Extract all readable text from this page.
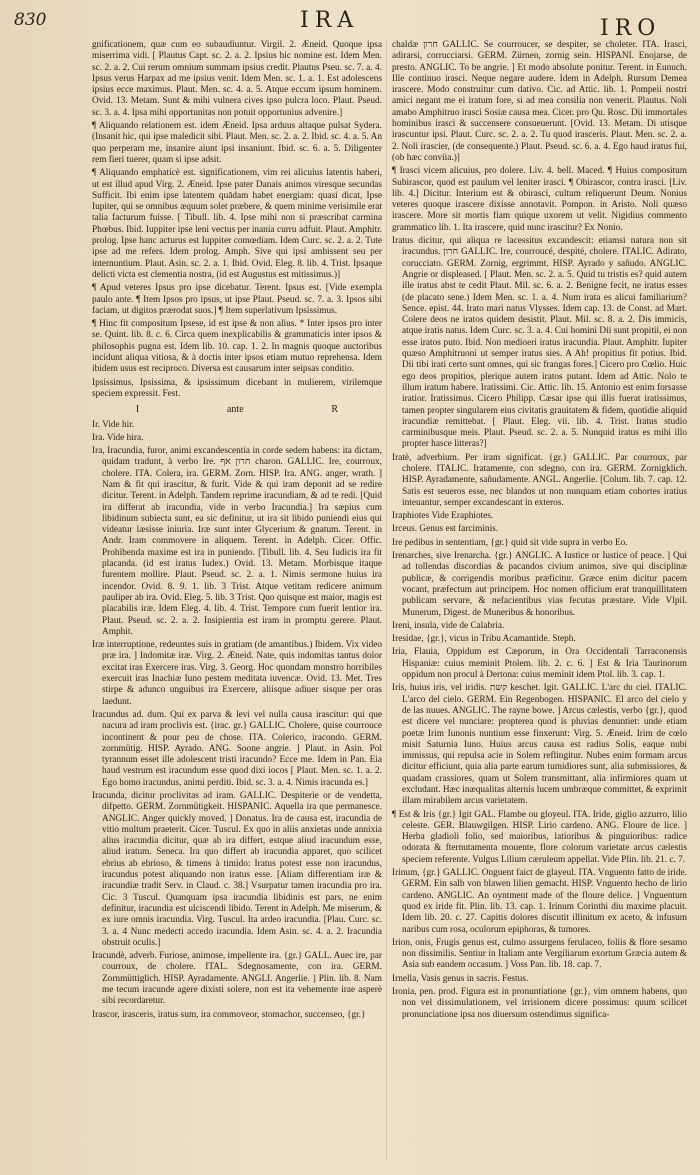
830	IRA	IRO

gnificationem, quæ cum eo subaudiuntur. Virgil. 2. Æneid. Quoque ipsa miserrima vidi. [ Plautus Capt. sc. 2. a. 2. Ipsius hic nomine est. Idem Men. sc. 2. a. 2. Cui rerum omnium summam ipsius credit. Plautus Pseu. sc. 7. a. 4. Ipsus verus Harpax ad me ipsius venit. Idem Men. sc. 1. a. 1. Est adolescens ipsius ecce maximus. Plaut. Men. sc. 4. a. 5. Atque eccum ipsum hominem. Ovid. 13. Metam. Sunt & mihi vulnera cives ipso pulcra loco. Plaut. Pseud. sc. 3. a. 4. Ipsa mihi opportunitas non potuit opportunius advenire.]

¶ Aliquando relationem est. idem Æneid. Ipsa arduus altaque pulsat Sydera. (Insanit hic, qui ipse maledicit sibi. Plaut. Men. sc. 2. a. 2. Ibid. sc. 4. a. 5. An quo perperam me, insanire aiunt ipsi insaniunt. Ibid. sc. 6. a. 5. Diligenter rem fieri tuerer, quam si ipse adsit.

¶ Aliquando emphaticè est. significationem, vim rei alicuius latentis haberi, ut est illud apud Virg. 2. Æneid. Ipse pater Danais animos viresque secundas Sufficit. Ibi enim ipse latentem quādam habet energiam: quasi dicat, Ipse Iupiter, qui se omnibus æquum solet præbere, & quem minime verisimile erat talia facturum fuisse. [ Tibull. lib. 4. Ipse mihi non si præscribat carmina Phœbus. Ibid. Iuppiter ipse leni vectus per inania curru adfuit. Plaut. Amphitr. prolog. Ipse hanc acturus est Iuppiter comœdiam. Idem Curc. sc. 2. a. 2. Tute ipse ad me refers. Idem prolog. Amph. Sive qui ipsi ambissent seu per internuntium. Plaut. Asin. sc. 2. a. 1. Ibid. Ovid. Eleg. 8. lib. 4. Trist. Ipsaque delicti victa est clementia nostra, (id est Augustus est mitissimus.)]

¶ Apud veteres Ipsus pro ipse dicebatur. Terent. Ipsus est. [Vide exempla paulo ante. ¶ Item Ipsos pro ipsus, ut ipse Plaut. Pseud. sc. 7. a. 3. Ipsos sibi faciam, ut digitos prærodat suos.] ¶ Item superlativum Ipsissimus.

¶ Hinc fit compositum Ipsese, id est ipse & non alius. * Inter ipsos pro inter se. Quint. lib. 8. c. 6. Circa quem inexplicabilis & grammaticis inter ipsos & philosophis pugna est. Idem lib. 10. cap. 1. 2. In magnis quoque auctoribus incidunt aliqua vitiosa, & à doctis inter ipsos etiam mutuo reprehensa. Idem ibidem usus est reciproco. Diversa est causarum inter seipsas conditio.

Ipsissimus, Ipsissima, & ipsissimum dicebant in mulierem, virilemque speciem expressit. Fest.

I	ante	R

Ir. Vide hir.

Ira. Vide hira.

Ira, Iracundia, furor, animi excandescentia in corde sedem habens: ita dictam, quidam tradunt, à verbo Ire. חרון אף charon. GALLIC. Ire, courroux, cholere. ITA. Colera, ira. GERM. Zorn. HISP. Ira. ANG. anger, wrath. ] Nam & fit qui irascitur, & furit. Vide & qui iram deponit ad se redire dicitur. Terent. in Adelph. Tandem reprime iracundiam, & ad te redi. [Quid ira differat ab iracundia, vide in verbo Iracundia.] Ira sæpius cum libidinum subiecta sunt, ea sic definitur, ut ira sit libido puniendi eius qui videatur læsisse iniuria. Iræ sunt inter Glycerium & gnatum. Terent. in Andr. Iram commovere in aliquem. Terent. in Adelph. Cicer. Offic. Prohibenda maxime est ira in puniendo. [Tibull. lib. 4. Seu Iudicis ira fit placanda. (id est iratus Iudex.) Ovid. 13. Metam. Morbisque itaque furentem mollire. Plaut. Pseud. sc. 2. a. 1. Nimis sermone huius ira incendor. Ovid. 8. 9. 1. lib. 3 Trist. Atque vetitam redicere animum pauliper ab ira. Ovid. Eleg. 5. lib. 3 Trist. Quo quisque est maior, magis est placabilis iræ. Idem Eleg. 4. lib. 4. Trist. Tempore cum fuerit lentior ira. Plaut. Pseud. sc. 2. a. 2. Insipientia est iram in promptu gerere. Plaut. Amphit.

Iræ interruptione, redeuntes suis in gratiam (de amantibus.) Ibidem. Vix video præ ira. ] Indomitæ iræ. Virg. 2. Æneid. Nate, quis indomitas tantus dolor excitat iras Exercere iras. Virg. 3. Georg. Hoc quondam monstro horribiles exercuit iras Inachiæ Iuno pestem meditata iuvencæ. Ovid. 13. Met. Tres stirpe & adunco unguibus ira Exercere, aliisque adiuer sisque per oras laedunt.

Iracundus ad. dum. Qui ex parva & levi vel nulla causa irascitur: qui que nacura ad iram proclivis est. {irac. gr.} GALLIC. Cholere, quise courrouce incontinent & pour peu de chose. ITA. Colerico, iracondo. GERM. zornmütig. HISP. Ayrado. ANG. Soone angrie. ] Plaut. in Asin. Pol tyrannum esset ille adolescent tristi iracundo? Ecce me. Idem in Pan. Eia haud vestrum est iracundum esse quod dixi iocos [ Plaut. Men. sc. 1. a. 2. Ego homo iracundus, animi perditi. Ibid. sc. 3. a. 4. Nimis iracunda es.]

Iracunda, dicitur proclivitas ad iram. GALLIC. Despiterie or de vendetta, difpetto. GERM. Zornmütigkeit. HISPANIC. Aquella ira que permanesce. ANGLIC. Anger quickly moved. ] Donatus. Ira de causa est, iracundia de vitio multum praeterit. Cicer. Tuscul. Ex quo in aliis anxietas unde annixia alius iracundia dicitur, quæ ab ira differt, estque aliud iracundum esse, aliud iratum. Seneca. Ira quo differt ab iracundia apparet, quo scilicet ebrius ab ebrioso, & timens à timido: Iratus potest esse non iracundus, iracundus potest aliquando non iratus esse. [Aliam differentiam iræ & iracundiæ tradit Serv. in Claud. c. 38.] Vsurpatur tamen iracundia pro ira. Cic. 3 Tuscul. Quanquam ipsa iracundia libidinis est pars, ne enim definitur, iracundia est ulciscendi libido. Terent in Adelph. Me miserum, & ex iure omnis iracundia. Virg. Tuscul. Ita ardeo iracundia. [Plau. Curc. sc. 3. a. 4 Nunc medecti accedo iracundia. Idem Asin. sc. 4. a. 2. Iracundia obstruit oculis.]

Iracundè, adverb. Furiose, animose, impellente ira. {gr.} GALL. Auec ire, par courroux, de cholere. ITAL. Sdegnosamente, con ira. GERM. Zornmüttiglich. HISP. Ayradamente. ANGLI. Angerlie. ] Plin. lib. 8. Nam me tecum iracunde agere dixisti solere, non est ita vehemente irae asperè sibi recordaretur.

Irascor, irasceris, iratus sum, ira commoveor, stomachor, succenseo, {gr.}

chaldæ חרון GALLIC. Se courroucer, se despiter, se choleter. ITA. Irasci, adirarsi, corrucciarsi. GERM. Zürnen, zornig sein. HISPANI. Enojarse, de presto. ANGLIC. To be angrie. ] Et modo absolute ponitur. Terent. in Eunuch. Ille continuo irasci. Neque negare audere. Idem in Adelph. Rursum Demea irascere. Modo construitur cum dativo. Cic. ad Attic. lib. 1. Pompeii nostri amici negant me ei iratum fore, si ad mea consilia non venerit. Plautus. Noli amabo Amphitruo irasci Sosiæ causa mea. Cicer. pro Qu. Rosc. Dii immortales hominibus irasci & succensere consueuerunt. [Ovid. 13. Metam. Di utisque irascuntur ipsi. Plaut. Curc. sc. 2. a. 2. Tu quod irasceris. Plaut. Men. sc. 2. a. 2. Noli irascier, (de consequente.) Plaut. Pseud. sc. 6. a. 4. Ego haud iratus fui, (ob hæc conviia.)]

¶ Irasci vicem alicuius, pro dolere. Liv. 4. bell. Maced. ¶ Huius compositum Subirascor, quod est paulum vel leniter irasci. ¶ Obirascor, contra irasci. [Liv. lib. 4.] Dicitur. Interium est & obirasci, cultum reliquerunt Deum. Nonius veteres quoque irascere dixisse annotavit. Pompon. in Aristo. Noli quæso irascere. More sit mortis fiam quique uxorem ut velit. Nigidius commento grammatico lib. 1. Ita irascere, quid nunc irascitur? Ex Nonio.

Iratus dicitur, qui aliqua re lacessitus excandescit: etiamsi natura non sit iracundus. חרון GALLIC. Ire, courroucé, despité, cholere. ITALIC. Adirato, corucciato. GERM. Zornig, ergrimmt. HISP. Ayrado y sañudo. ANGLIC. Angrie or displeased. [ Plaut. Men. sc. 2. a. 5. Quid tu tristis es? quid autem ille iratus abst te cedit Plaut. Mil. sc. 6. a. 2. Benigne fecit, ne iratus esses (de placato sene.) Idem Men. sc. 1. a. 4. Num irata es alicui familiarium? Sence. epist. 44. Irato mari natus Vlysses. Idem cap. 13. de Const. ad Mart. Colere deos ne iratos quidem desistit. Plaut. Mil. sc. 8. a. 2. Dis immicis, atque iratis natus. Idem Curc. sc. 3. a. 4. Cui homini Dii sunt propitii, ei non esse iratos puto. Ibid. Non medioeri iratus iracundia. Plaut. Amphitr. Iupiter quæso Amphitruoni ut semper iratus sies. A Ah! propitius fit potius. Ibid. Dii tibi irati certo sunt omnes, qui sic frangas fores.] Cicero pro Cœlio. Huic ego deos propitios, plerique autem iratos putant. Idem ad Attic. Nolo te illum iratum habere. Iratissimi. Cic. Attic. lib. 15. Antonio est enim forsasse iratior. Iratissimus. Cicero Philipp. Cæsar ipse qui illis fuerat iratissimus, tamen propter singularem eius civitatis grauitatem & fidem, quotidie aliquid iracundiæ remittebat. [ Plaut. Eleg. vii. lib. 4. Trist. Iratus studio carminibusque meis. Plaut. Pseud. sc. 2. a. 5. Nunquid iratus es mihi illo propter hasce litteras?]

Iratè, adverbium. Per iram significat. {gr.} GALLIC. Par courroux, par cholere. ITALIC. Iratamente, con sdegno, con ira. GERM. Zornigklich. HISP. Ayradamente, sañudamente. ANGL. Angerlie. [Colum. lib. 7. cap. 12. Satis est seueros esse, nec blandos ut non nunquam etiam cohortes iratius inteuantur, semper excandescant in exteros.

Iraphiotes Vide Eraphiotes.

Irceus. Genus est farciminis.

Ire pedibus in sententiam, {gr.} quid sit vide supra in verbo Eo.

Irenarches, sive Irenarcha. {gr.} ANGLIC. A Iustice or Iustice of peace. ] Qui ad tollendas discordias & pacandos civium animos, sive qui disciplinæ publicæ, & corrigendis moribus præficitur. Græce enim dicitur pacem vocant, præfectum aut principem. Hoc nomen officium erat tranquillitatem publicam servare, & nefacientibus vias fecutas præstare. Vide Vlpil. Munerum, Digest. de Muneribus & honoribus.

Ireni, insula, vide de Calabria.

Iresidae, {gr.}, vicus in Tribu Acamantide. Steph.

Iria, Flauia, Oppidum est Cæporum, in Ora Occidentali Tarraconensis Hispaniæ: cuius meminit Ptolem. lib. 2. c. 6. ] Est & Iria Taurinorum oppidum non procul à Dertona: cuius meminit idem Ptol. lib. 3. cap. 1.

Iris, huius iris, vel iridis. קשת keschet. Igit. GALLIC. L'arc du ciel. ITALIC. L'arco del cielo. GERM. Ein Regenbogen. HISPANIC. El arco del cielo y de las nuues. ANGLIC. The rayne bowe. ] Arcus cælestis, verbo {gr.}, quod est dicere vel nunciare: propterea quod is pluvias denuntiet: unde etiam poetæ Irim Iunonis nuntium esse finxerunt: Virg. 5. Æneid. Irim de cœlo misit Saturnia Iuno. Huius arcus causa est radius Solis, eaque nubi immissus, qui repulsa acie in Solem reflingitur. Nubes enim formam arcus dicitur efficiunt, quia alia parte earum tumidiores sunt, alia submissiores, & quadam crassiores, quam ut Solem transmittant, alia infirmiores quam ut excludant. Hæc inæqualitas alternis lucem umbræque committet, & exprimit illam mirabilem arcus varietatem.

¶ Est & Iris {gr.} Igit GAL. Flambe ou gloyeul. ITA. Iride, giglio azzurro, lilio celeste. GER. Blauwgilgen. HISP. Lirio cardeno. ANG. Floure de lice. ] Herba gladioli folio, sed maioribus, latioribus & pinguioribus: radice odorata & fternutamenta mouente, flore colorum varietate arcus cælestis speciem referente. Vulgus Lilium cæruleum appellat. Vide Plin. lib. 21. c. 7.

Irinum, {gr.} GALLIC. Onguent faict de glayeul. ITA. Vnguento fatto de iride. GERM. Ein salb von blawen lilien gemacht. HISP. Vnguento hecho de lirio cardeno. ANGLIC. An oyntment made of the floure delice. ] Vnguentum quod ex iride fit. Plin. lib. 13. cap. 1. Irinum Corinthi diu maxime placuit. Idem lib. 20. c. 27. Capitis dolores discutit illinitum ex aceto, & infusum naribus cum rosa, oculorum epiphoras, & tumores.

Irion, onis, Frugis genus est, culmo assurgens ferulaceo, foliis & flore sesamo non dissimilis. Sentiur in Italiam ante Vergiliarum exortum Græcia autem & Asia sub eandem occasum. ] Voss Pan. lib. 18. cap. 7.

Irnella, Vasis genus in sacris. Festus.

Ironia, pen. prod. Figura est in pronuntiatione {gr.}, vim omnem habens, quo non vel dissimulationem, vel irrisionem dicere possimus: quum scilicet pronunciatione ipsa nos diuersum ostendimus significa-
